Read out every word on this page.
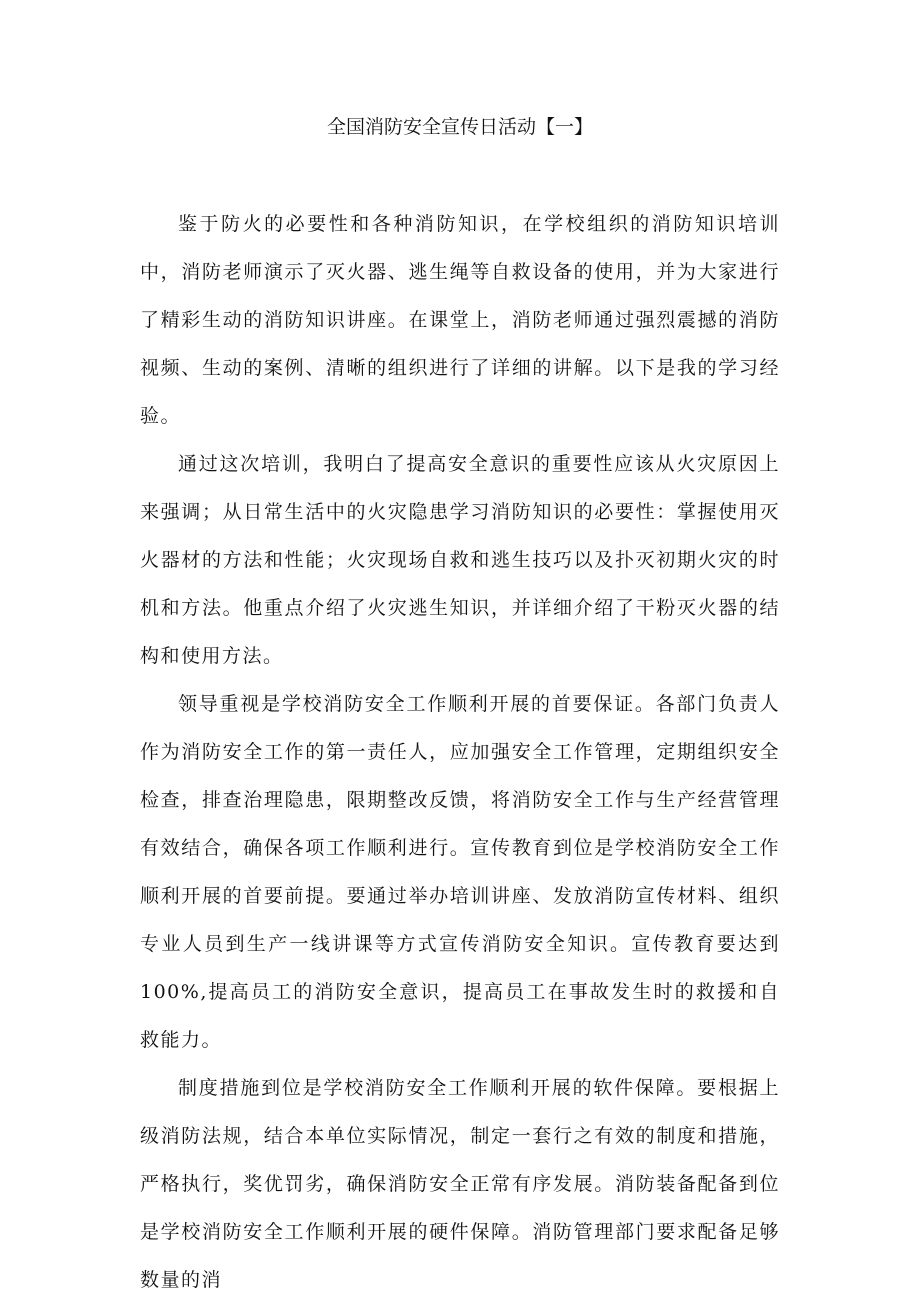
全国消防安全宣传日活动【一】

鉴于防火的必要性和各种消防知识，在学校组织的消防知识培训中，消防老师演示了灭火器、逃生绳等自救设备的使用，并为大家进行了精彩生动的消防知识讲座。在课堂上，消防老师通过强烈震撼的消防视频、生动的案例、清晰的组织进行了详细的讲解。以下是我的学习经验。

通过这次培训，我明白了提高安全意识的重要性应该从火灾原因上来强调；从日常生活中的火灾隐患学习消防知识的必要性：掌握使用灭火器材的方法和性能；火灾现场自救和逃生技巧以及扑灭初期火灾的时机和方法。他重点介绍了火灾逃生知识，并详细介绍了干粉灭火器的结构和使用方法。

领导重视是学校消防安全工作顺利开展的首要保证。各部门负责人作为消防安全工作的第一责任人，应加强安全工作管理，定期组织安全检查，排查治理隐患，限期整改反馈，将消防安全工作与生产经营管理有效结合，确保各项工作顺利进行。宣传教育到位是学校消防安全工作顺利开展的首要前提。要通过举办培训讲座、发放消防宣传材料、组织专业人员到生产一线讲课等方式宣传消防安全知识。宣传教育要达到100%,提高员工的消防安全意识，提高员工在事故发生时的救援和自救能力。

制度措施到位是学校消防安全工作顺利开展的软件保障。要根据上级消防法规，结合本单位实际情况，制定一套行之有效的制度和措施，严格执行，奖优罚劣，确保消防安全正常有序发展。消防装备配备到位是学校消防安全工作顺利开展的硬件保障。消防管理部门要求配备足够数量的消
